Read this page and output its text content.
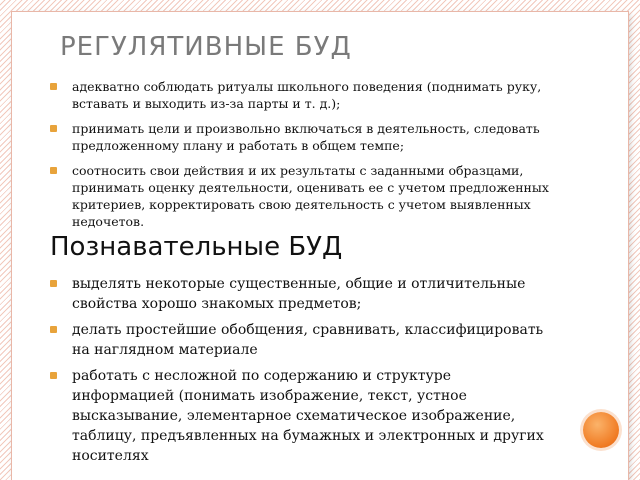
РЕГУЛЯТИВНЫЕ БУД
адекватно соблюдать ритуалы школьного поведения (поднимать руку, вставать и выходить из-за парты и т. д.);
принимать цели и произвольно включаться в деятельность, следовать предложенному плану и работать в общем темпе;
соотносить свои действия и их результаты с заданными образцами, принимать оценку деятельности, оценивать ее с учетом предложенных критериев, корректировать свою деятельность с учетом выявленных недочетов.
Познавательные БУД
выделять некоторые существенные, общие и отличительные свойства хорошо знакомых предметов;
делать простейшие обобщения, сравнивать, классифицировать на наглядном материале
работать с несложной по содержанию и структуре информацией (понимать изображение, текст, устное высказывание, элементарное схематическое изображение, таблицу, предъявленных на бумажных и электронных и других носителях
